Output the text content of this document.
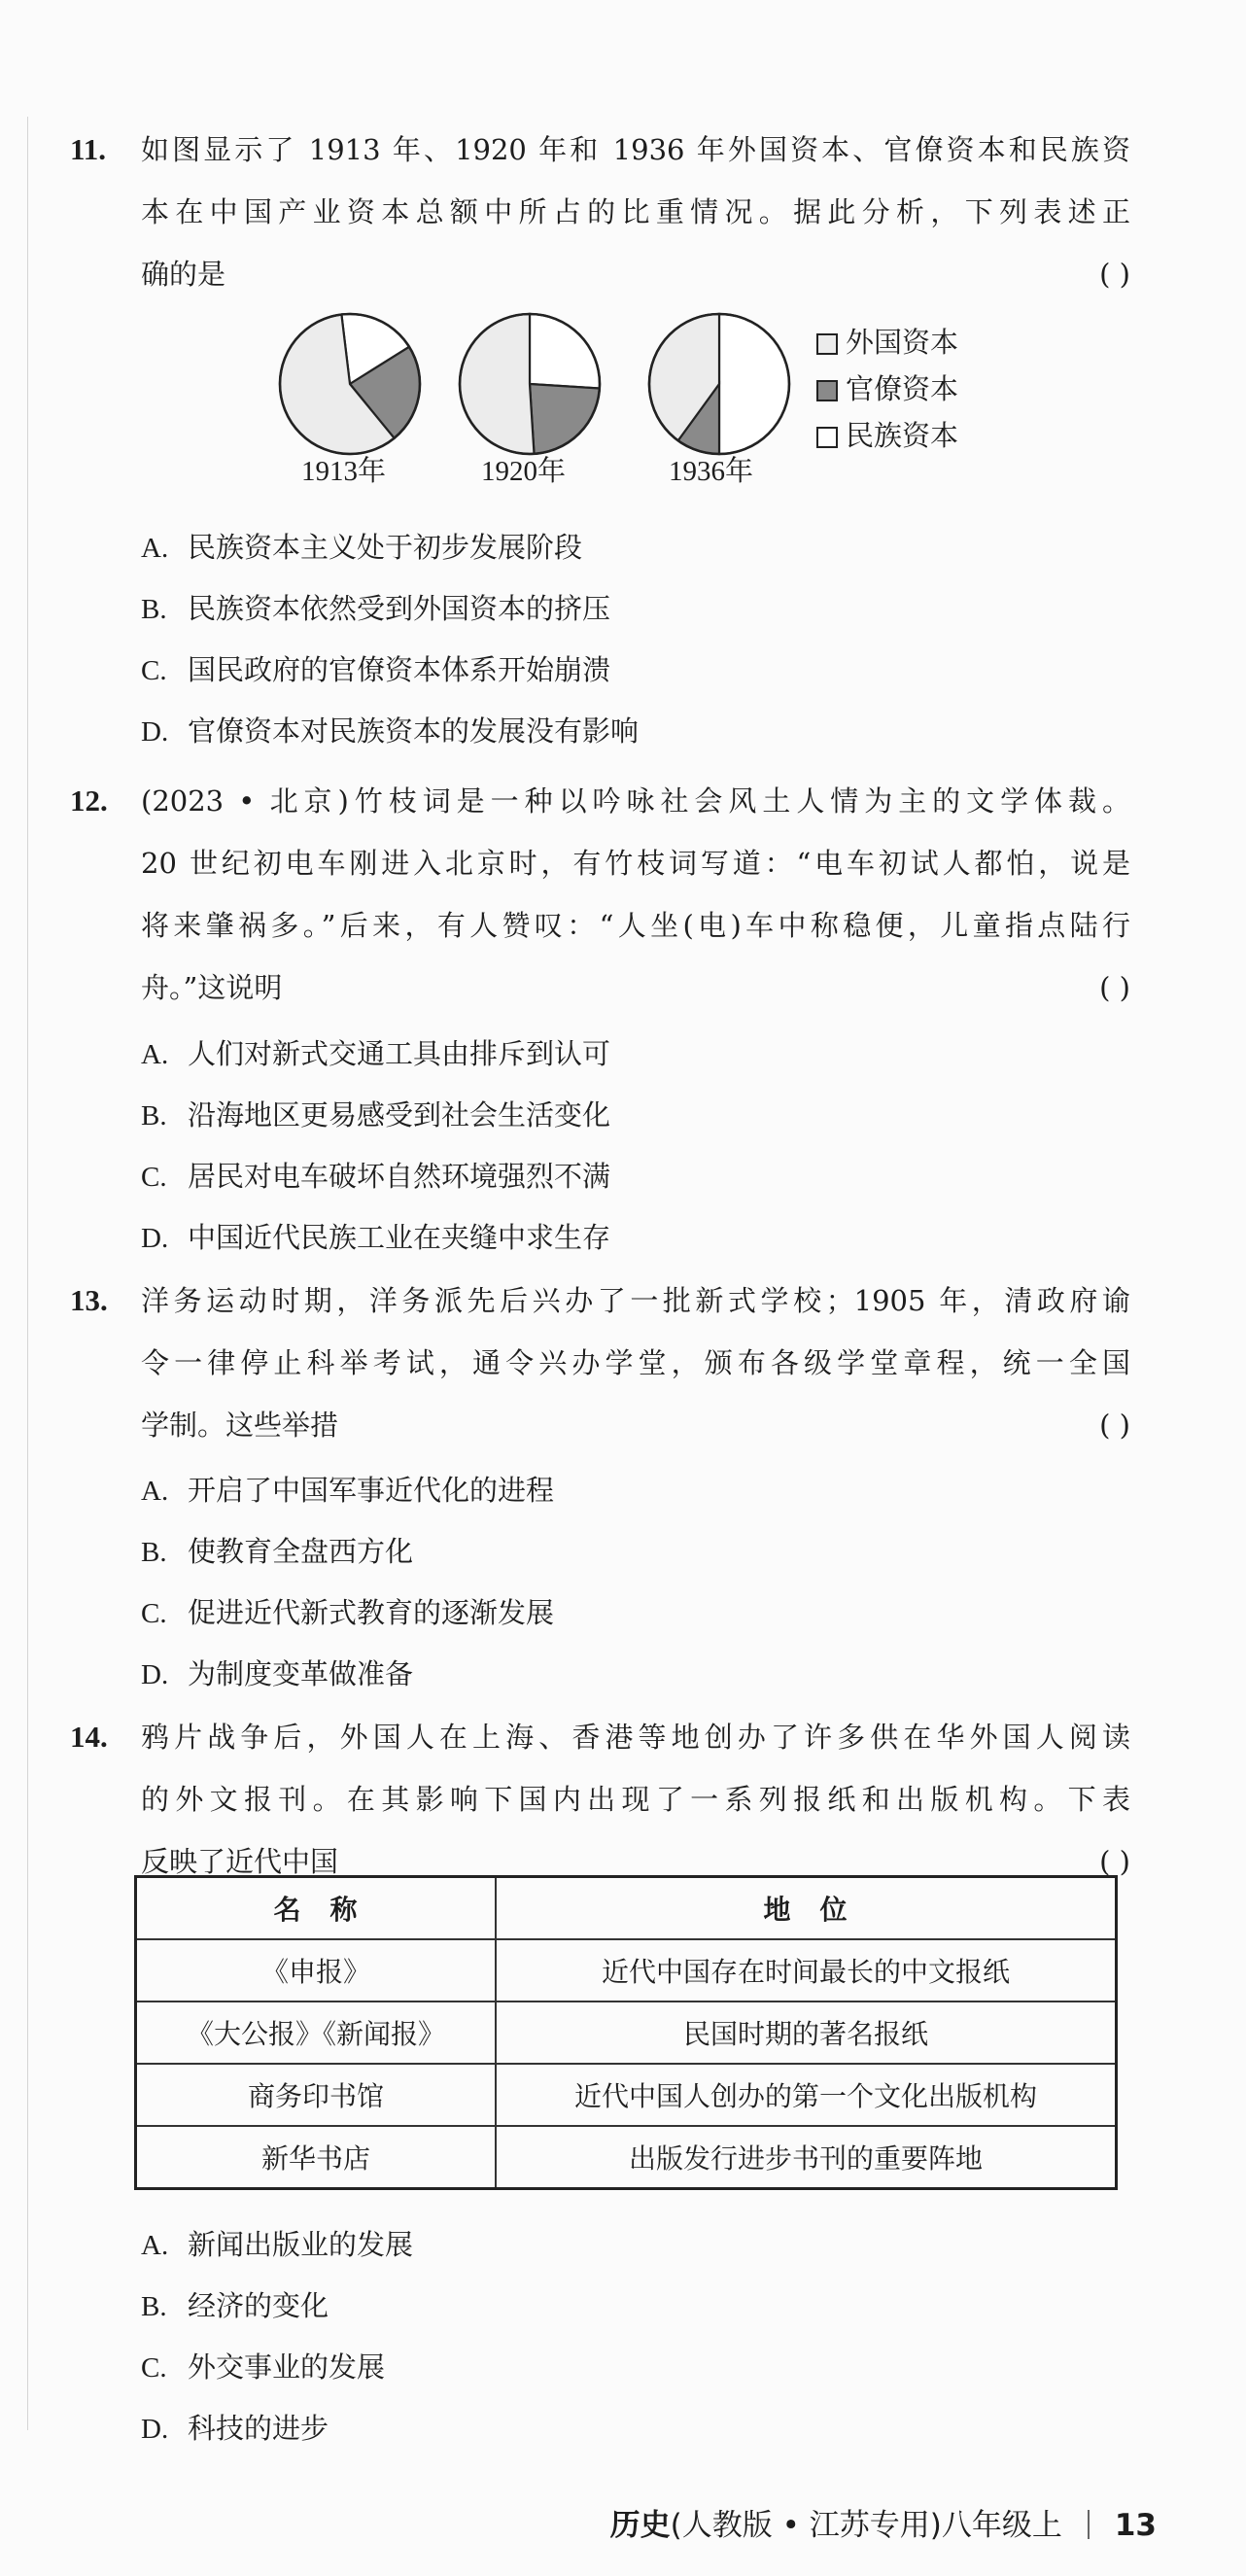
11.	如图显示了 1913 年、1920 年和 1936 年外国资本、官僚资本和民族资
本在中国产业资本总额中所占的比重情况。据此分析，下列表述正
确的是	( )
1913年	1920年	1936年
外国资本
官僚资本
民族资本
A. 民族资本主义处于初步发展阶段
B. 民族资本依然受到外国资本的挤压
C. 国民政府的官僚资本体系开始崩溃
D. 官僚资本对民族资本的发展没有影响
12.	(2023 • 北京)竹枝词是一种以吟咏社会风土人情为主的文学体裁。
20 世纪初电车刚进入北京时，有竹枝词写道：“电车初试人都怕，说是
将来肇祸多。”后来，有人赞叹：“人坐(电)车中称稳便，儿童指点陆行
舟。”这说明	( )
A. 人们对新式交通工具由排斥到认可
B. 沿海地区更易感受到社会生活变化
C. 居民对电车破坏自然环境强烈不满
D. 中国近代民族工业在夹缝中求生存
13.	洋务运动时期，洋务派先后兴办了一批新式学校；1905 年，清政府谕
令一律停止科举考试，通令兴办学堂，颁布各级学堂章程，统一全国
学制。这些举措	( )
A. 开启了中国军事近代化的进程
B. 使教育全盘西方化
C. 促进近代新式教育的逐渐发展
D. 为制度变革做准备
14.	鸦片战争后，外国人在上海、香港等地创办了许多供在华外国人阅读
的外文报刊。在其影响下国内出现了一系列报纸和出版机构。下表
反映了近代中国	( )
名　称	地　位
《申报》	近代中国存在时间最长的中文报纸
《大公报》《新闻报》	民国时期的著名报纸
商务印书馆	近代中国人创办的第一个文化出版机构
新华书店	出版发行进步书刊的重要阵地
A. 新闻出版业的发展
B. 经济的变化
C. 外交事业的发展
D. 科技的进步
历史(人教版 • 江苏专用)八年级上 13
